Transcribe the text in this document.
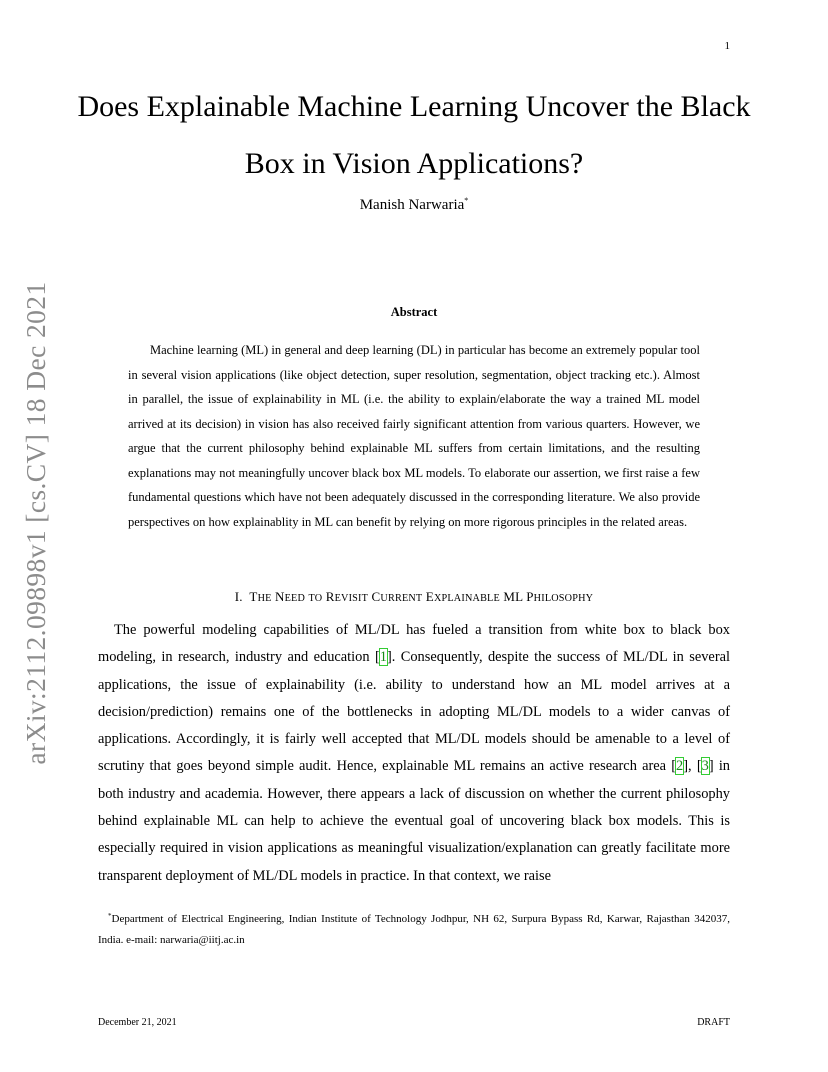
1
Does Explainable Machine Learning Uncover the Black Box in Vision Applications?
Manish Narwaria*
arXiv:2112.09898v1 [cs.CV] 18 Dec 2021	Abstract

Machine learning (ML) in general and deep learning (DL) in particular has become an extremely popular tool in several vision applications (like object detection, super resolution, segmentation, object tracking etc.). Almost in parallel, the issue of explainability in ML (i.e. the ability to explain/elaborate the way a trained ML model arrived at its decision) in vision has also received fairly significant attention from various quarters. However, we argue that the current philosophy behind explainable ML suffers from certain limitations, and the resulting explanations may not meaningfully uncover black box ML models. To elaborate our assertion, we first raise a few fundamental questions which have not been adequately discussed in the corresponding literature. We also provide perspectives on how explainablity in ML can benefit by relying on more rigorous principles in the related areas.

I. THE NEED TO REVISIT CURRENT EXPLAINABLE ML PHILOSOPHY

The powerful modeling capabilities of ML/DL has fueled a transition from white box to black box modeling, in research, industry and education [1]. Consequently, despite the success of ML/DL in several applications, the issue of explainability (i.e. ability to understand how an ML model arrives at a decision/prediction) remains one of the bottlenecks in adopting ML/DL models to a wider canvas of applications. Accordingly, it is fairly well accepted that ML/DL models should be amenable to a level of scrutiny that goes beyond simple audit. Hence, explainable ML remains an active research area [2], [3] in both industry and academia. However, there appears a lack of discussion on whether the current philosophy behind explainable ML can help to achieve the eventual goal of uncovering black box models. This is especially required in vision applications as meaningful visualization/explanation can greatly facilitate more transparent deployment of ML/DL models in practice. In that context, we raise

*Department of Electrical Engineering, Indian Institute of Technology Jodhpur, NH 62, Surpura Bypass Rd, Karwar, Rajasthan 342037, India. e-mail: narwaria@iitj.ac.in

December 21, 2021	DRAFT
